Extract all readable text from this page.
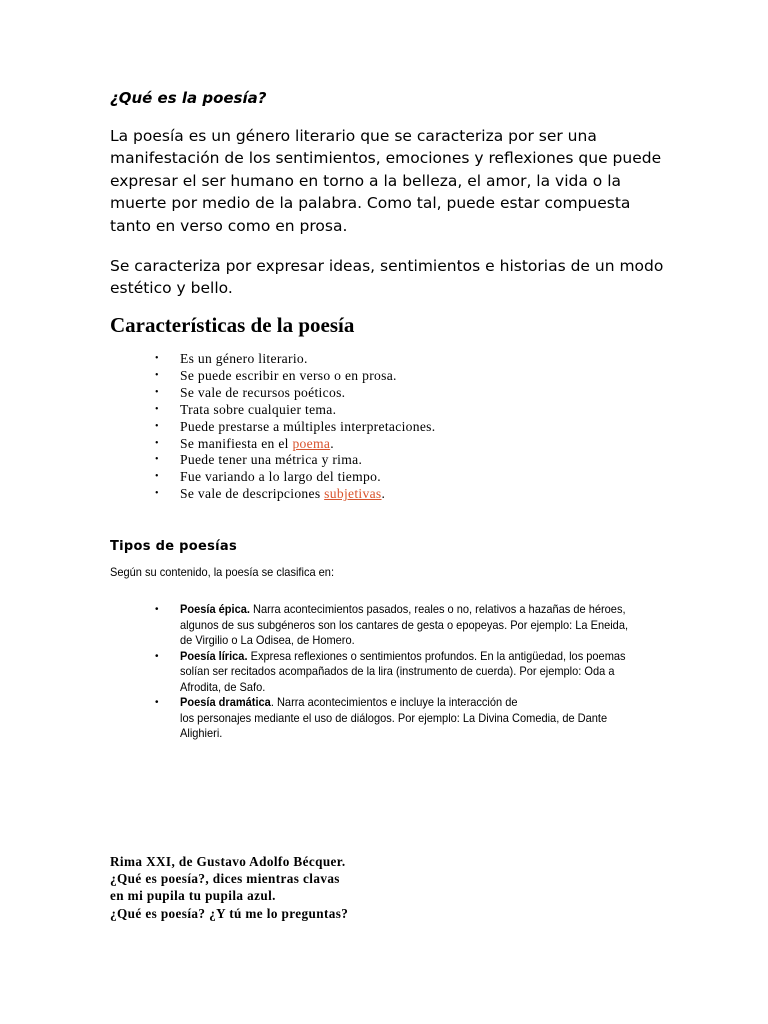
¿Qué es la poesía?

La poesía es un género literario que se caracteriza por ser una
manifestación de los sentimientos, emociones y reflexiones que puede
expresar el ser humano en torno a la belleza, el amor, la vida o la
muerte por medio de la palabra. Como tal, puede estar compuesta
tanto en verso como en prosa.

Se caracteriza por expresar ideas, sentimientos e historias de un modo
estético y bello.

Características de la poesía
• Es un género literario.
• Se puede escribir en verso o en prosa.
• Se vale de recursos poéticos.
• Trata sobre cualquier tema.
• Puede prestarse a múltiples interpretaciones.
• Se manifiesta en el poema.
• Puede tener una métrica y rima.
• Fue variando a lo largo del tiempo.
• Se vale de descripciones subjetivas.
Tipos de poesías

Según su contenido, la poesía se clasifica en:

• Poesía épica. Narra acontecimientos pasados, reales o no, relativos a hazañas de héroes,
algunos de sus subgéneros son los cantares de gesta o epopeyas. Por ejemplo: La Eneida,
de Virgilio o La Odisea, de Homero.
• Poesía lírica. Expresa reflexiones o sentimientos profundos. En la antigüedad, los poemas
solían ser recitados acompañados de la lira (instrumento de cuerda). Por ejemplo: Oda a
Afrodita, de Safo.
• Poesía dramática. Narra acontecimientos e incluye la interacción de
los personajes mediante el uso de diálogos. Por ejemplo: La Divina Comedia, de Dante
Alighieri.
Rima XXI, de Gustavo Adolfo Bécquer.
¿Qué es poesía?, dices mientras clavas
en mi pupila tu pupila azul.
¿Qué es poesía? ¿Y tú me lo preguntas?
